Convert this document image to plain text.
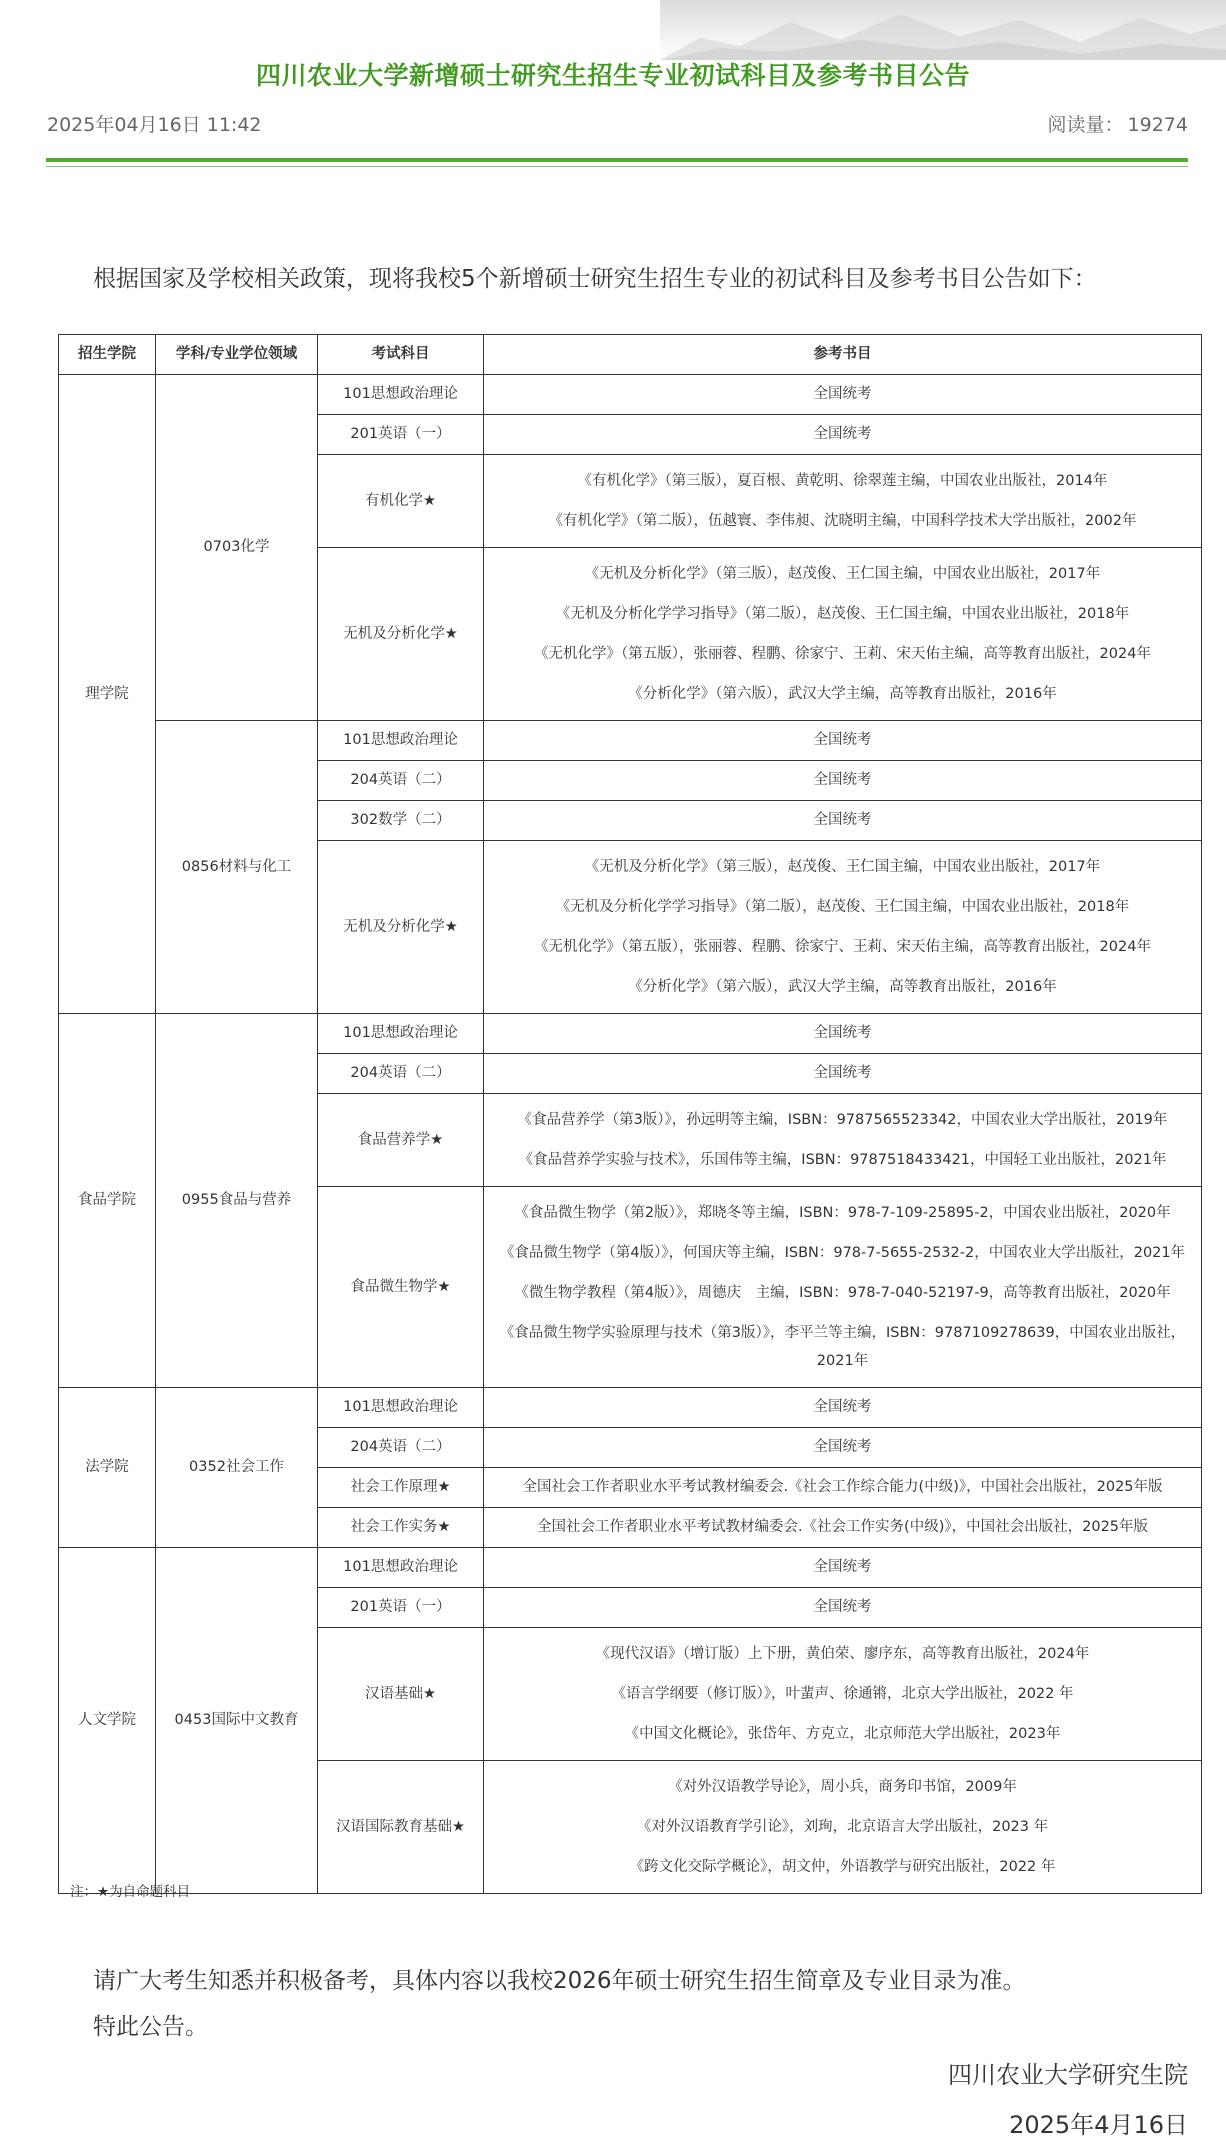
四川农业大学新增硕士研究生招生专业初试科目及参考书目公告
2025年04月16日 11:42	阅读量： 19274
根据国家及学校相关政策，现将我校5个新增硕士研究生招生专业的初试科目及参考书目公告如下：
招生学院	学科/专业学位领域	考试科目	参考书目
理学院	0703化学	101思想政治理论	全国统考

		201英语（一）	全国统考

		有机化学★	《有机化学》（第三版），夏百根、黄乾明、徐翠莲主编，中国农业出版社，2014年
《有机化学》（第二版），伍越寰、李伟昶、沈晓明主编，中国科学技术大学出版社，2002年

		无机及分析化学★	《无机及分析化学》（第三版），赵茂俊、王仁国主编，中国农业出版社，2017年
《无机及分析化学学习指导》（第二版），赵茂俊、王仁国主编，中国农业出版社，2018年
《无机化学》（第五版），张丽蓉、程鹏、徐家宁、王莉、宋天佑主编，高等教育出版社，2024年
《分析化学》（第六版），武汉大学主编，高等教育出版社，2016年

	0856材料与化工	101思想政治理论	全国统考

		204英语（二）	全国统考

		302数学（二）	全国统考

		无机及分析化学★	《无机及分析化学》（第三版），赵茂俊、王仁国主编，中国农业出版社，2017年
《无机及分析化学学习指导》（第二版），赵茂俊、王仁国主编，中国农业出版社，2018年
《无机化学》（第五版），张丽蓉、程鹏、徐家宁、王莉、宋天佑主编，高等教育出版社，2024年
《分析化学》（第六版），武汉大学主编，高等教育出版社，2016年

食品学院	0955食品与营养	101思想政治理论	全国统考

		204英语（二）	全国统考

		食品营养学★	《食品营养学（第3版）》，孙远明等主编，ISBN：9787565523342，中国农业大学出版社，2019年
《食品营养学实验与技术》，乐国伟等主编，ISBN：9787518433421，中国轻工业出版社，2021年

		食品微生物学★	《食品微生物学（第2版）》，郑晓冬等主编，ISBN：978-7-109-25895-2，中国农业出版社，2020年
《食品微生物学（第4版）》，何国庆等主编，ISBN：978-7-5655-2532-2，中国农业大学出版社，2021年
《微生物学教程（第4版）》，周德庆　主编，ISBN：978-7-040-52197-9，高等教育出版社，2020年
《食品微生物学实验原理与技术（第3版）》，李平兰等主编，ISBN：9787109278639，中国农业出版社，2021年

法学院	0352社会工作	101思想政治理论	全国统考

		204英语（二）	全国统考

		社会工作原理★	全国社会工作者职业水平考试教材编委会.《社会工作综合能力(中级)》，中国社会出版社，2025年版

		社会工作实务★	全国社会工作者职业水平考试教材编委会.《社会工作实务(中级)》，中国社会出版社，2025年版

人文学院	0453国际中文教育	101思想政治理论	全国统考

		201英语（一）	全国统考

		汉语基础★	《现代汉语》（增订版）上下册，黄伯荣、廖序东，高等教育出版社，2024年
《语言学纲要（修订版）》，叶蜚声、徐通锵，北京大学出版社，2022 年
《中国文化概论》，张岱年、方克立，北京师范大学出版社，2023年

		汉语国际教育基础★	《对外汉语教学导论》，周小兵，商务印书馆，2009年
《对外汉语教育学引论》，刘珣，北京语言大学出版社，2023 年
《跨文化交际学概论》，胡文仲，外语教学与研究出版社，2022 年
注：★为自命题科目
请广大考生知悉并积极备考，具体内容以我校2026年硕士研究生招生简章及专业目录为准。
特此公告。
四川农业大学研究生院
2025年4月16日
